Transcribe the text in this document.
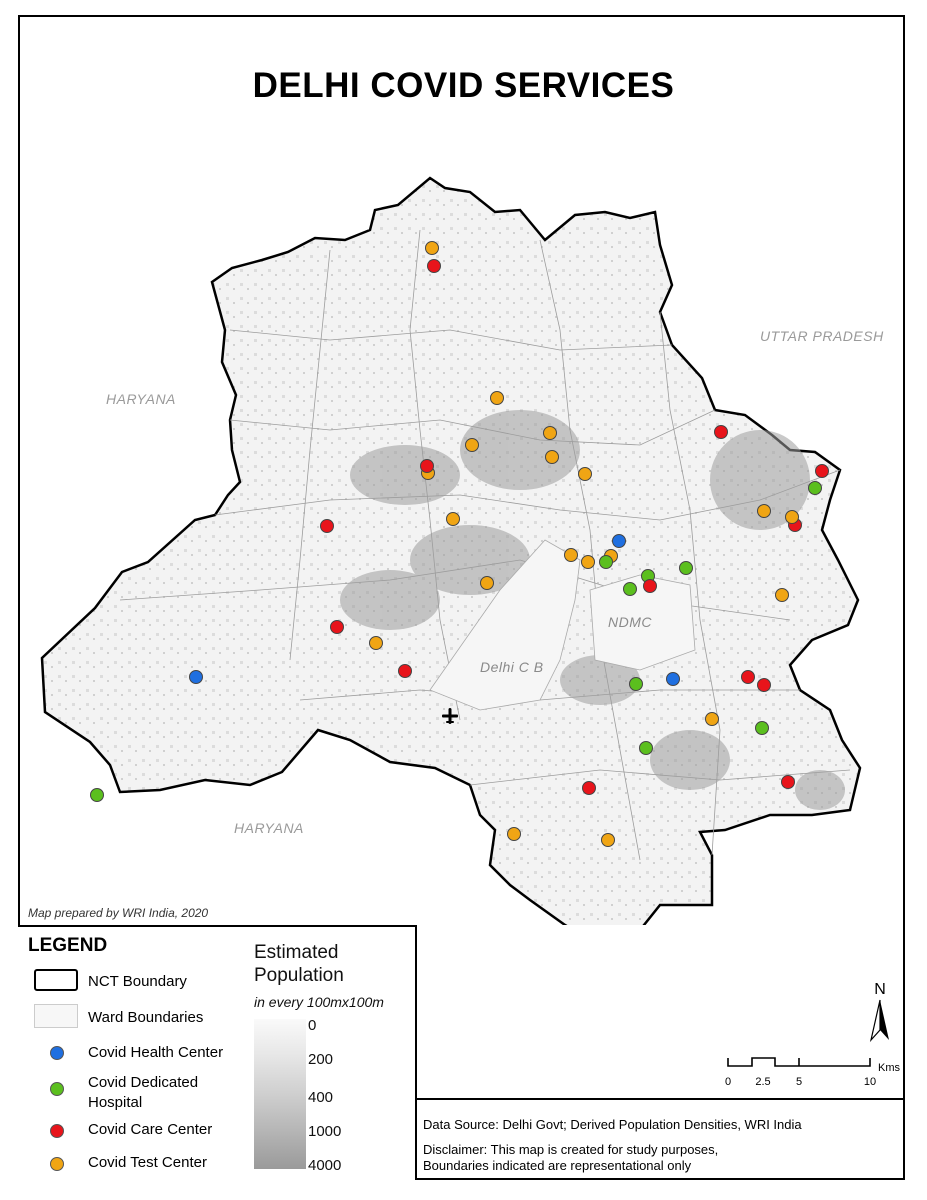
DELHI COVID SERVICES
UTTAR PRADESH
HARYANA
HARYANA
NDMC
Delhi C B
Map prepared by WRI India, 2020
LEGEND
NCT Boundary
Ward Boundaries
Covid Health Center
Covid Dedicated Hospital
Covid Care Center
Covid Test Center
Estimated
Population
in every 100mx100m
0
200
400
1000
4000
N
Kms
0 2.5 5	10
Data Source: Delhi Govt; Derived Population Densities, WRI India
Disclaimer: This map is created for study purposes,
Boundaries indicated are representational only
